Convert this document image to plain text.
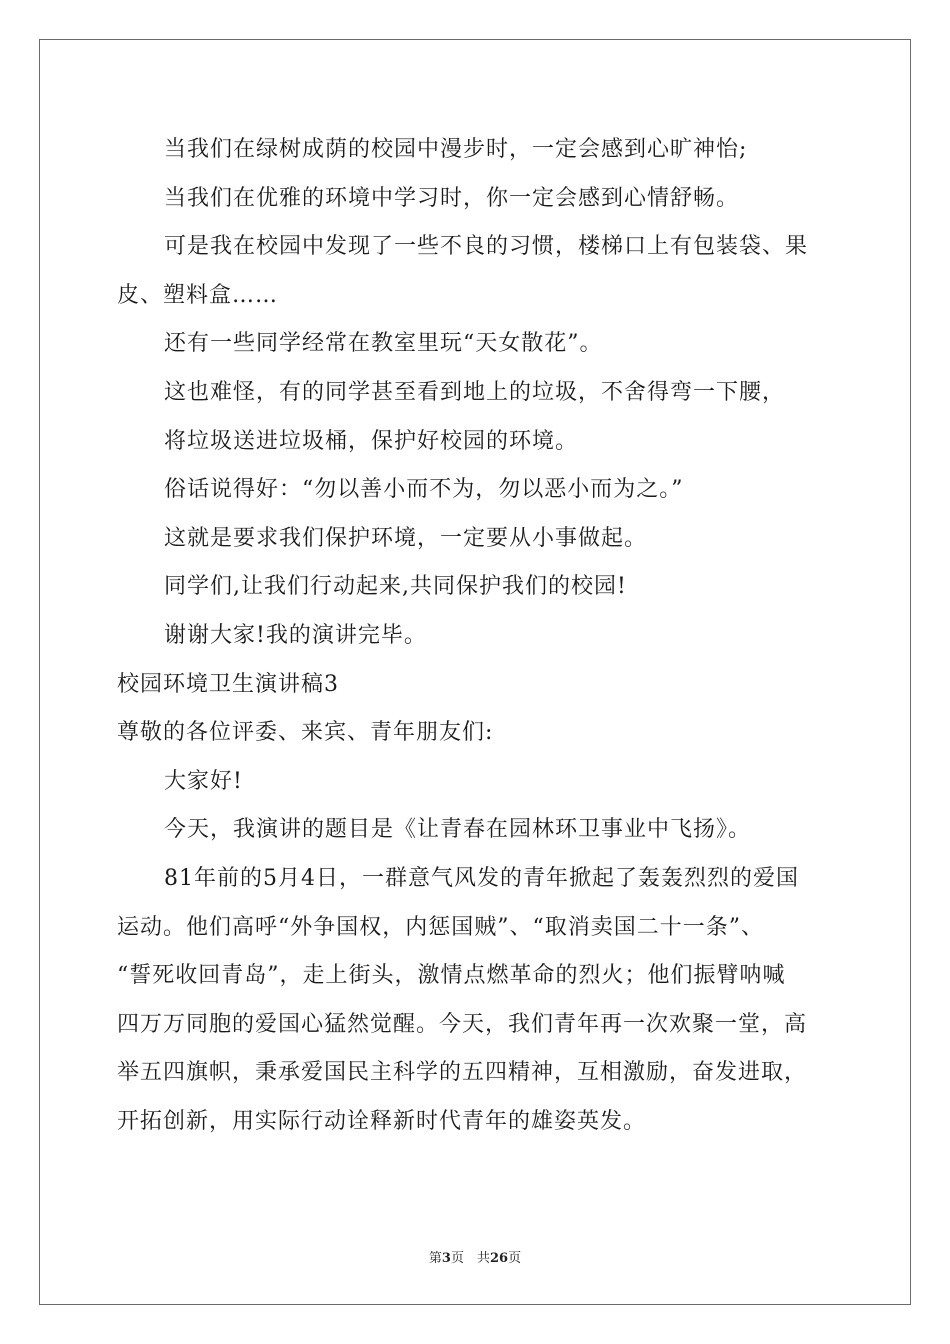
当我们在绿树成荫的校园中漫步时，一定会感到心旷神怡;
当我们在优雅的环境中学习时，你一定会感到心情舒畅。
可是我在校园中发现了一些不良的习惯，楼梯口上有包装袋、果
皮、塑料盒……
还有一些同学经常在教室里玩“天女散花”。
这也难怪，有的同学甚至看到地上的垃圾，不舍得弯一下腰，
将垃圾送进垃圾桶，保护好校园的环境。
俗话说得好：“勿以善小而不为，勿以恶小而为之。”
这就是要求我们保护环境，一定要从小事做起。
同学们,让我们行动起来,共同保护我们的校园!
谢谢大家!我的演讲完毕。
校园环境卫生演讲稿3
尊敬的各位评委、来宾、青年朋友们:
大家好!
今天，我演讲的题目是《让青春在园林环卫事业中飞扬》。
81年前的5月4日，一群意气风发的青年掀起了轰轰烈烈的爱国
运动。他们高呼“外争国权，内惩国贼”、“取消卖国二十一条”、
“誓死收回青岛”，走上街头，激情点燃革命的烈火；他们振臂呐喊
四万万同胞的爱国心猛然觉醒。今天，我们青年再一次欢聚一堂，高
举五四旗帜，秉承爱国民主科学的五四精神，互相激励，奋发进取，
开拓创新，用实际行动诠释新时代青年的雄姿英发。
第3页　共26页
